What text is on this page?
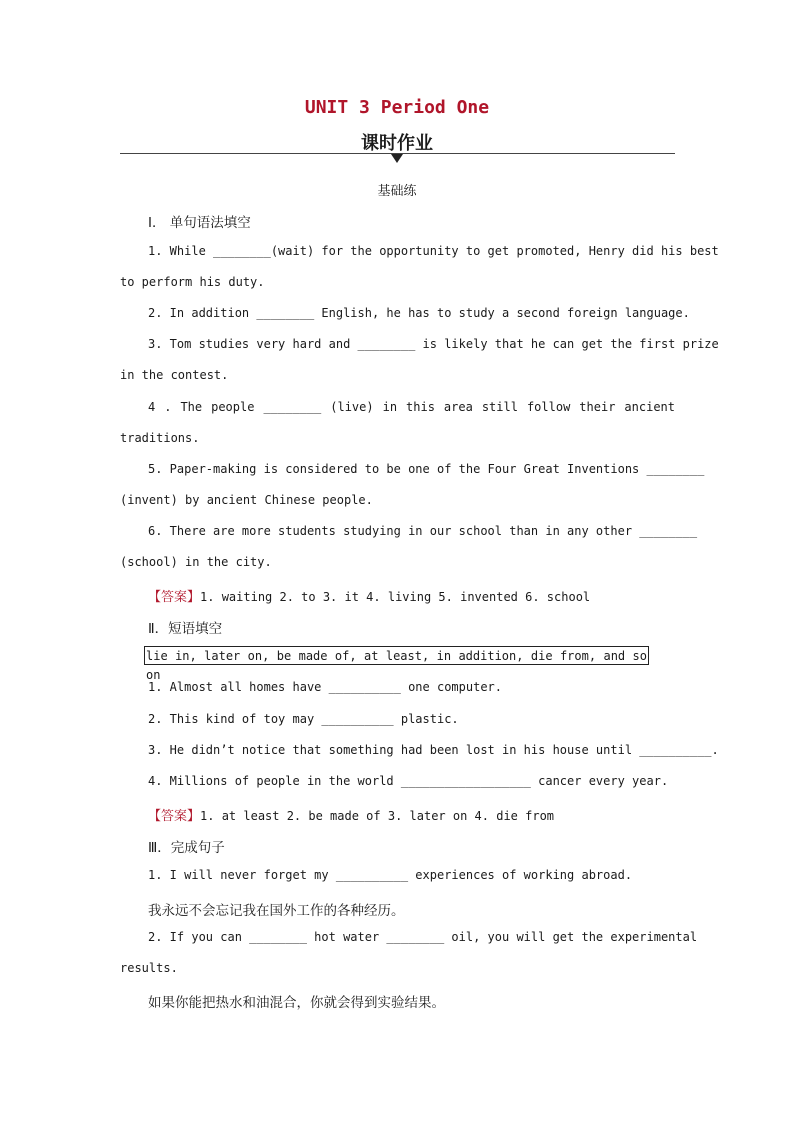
UNIT 3 Period One
课时作业
基础练
Ⅰ． 单句语法填空
1. While ________(wait) for the opportunity to get promoted, Henry did his best
to perform his duty.
2. In addition ________ English, he has to study a second foreign language.
3. Tom studies very hard and ________ is likely that he can get the first prize
in the contest.
4 . The people ________ (live) in this area still follow their ancient
traditions.
5. Paper-making is considered to be one of the Four Great Inventions ________
(invent) by ancient Chinese people.
6. There are more students studying in our school than in any other ________
(school) in the city.
【答案】1. waiting 2. to 3. it 4. living 5. invented 6. school
Ⅱ．短语填空
lie in, later on, be made of, at least, in addition, die from, and so on
1. Almost all homes have __________ one computer.
2. This kind of toy may __________ plastic.
3. He didn’t notice that something had been lost in his house until __________.
4. Millions of people in the world __________________ cancer every year.
【答案】1. at least 2. be made of 3. later on 4. die from
Ⅲ．完成句子
1. I will never forget my __________ experiences of working abroad.
我永远不会忘记我在国外工作的各种经历。
2. If you can ________ hot water ________ oil, you will get the experimental
results.
如果你能把热水和油混合，你就会得到实验结果。
